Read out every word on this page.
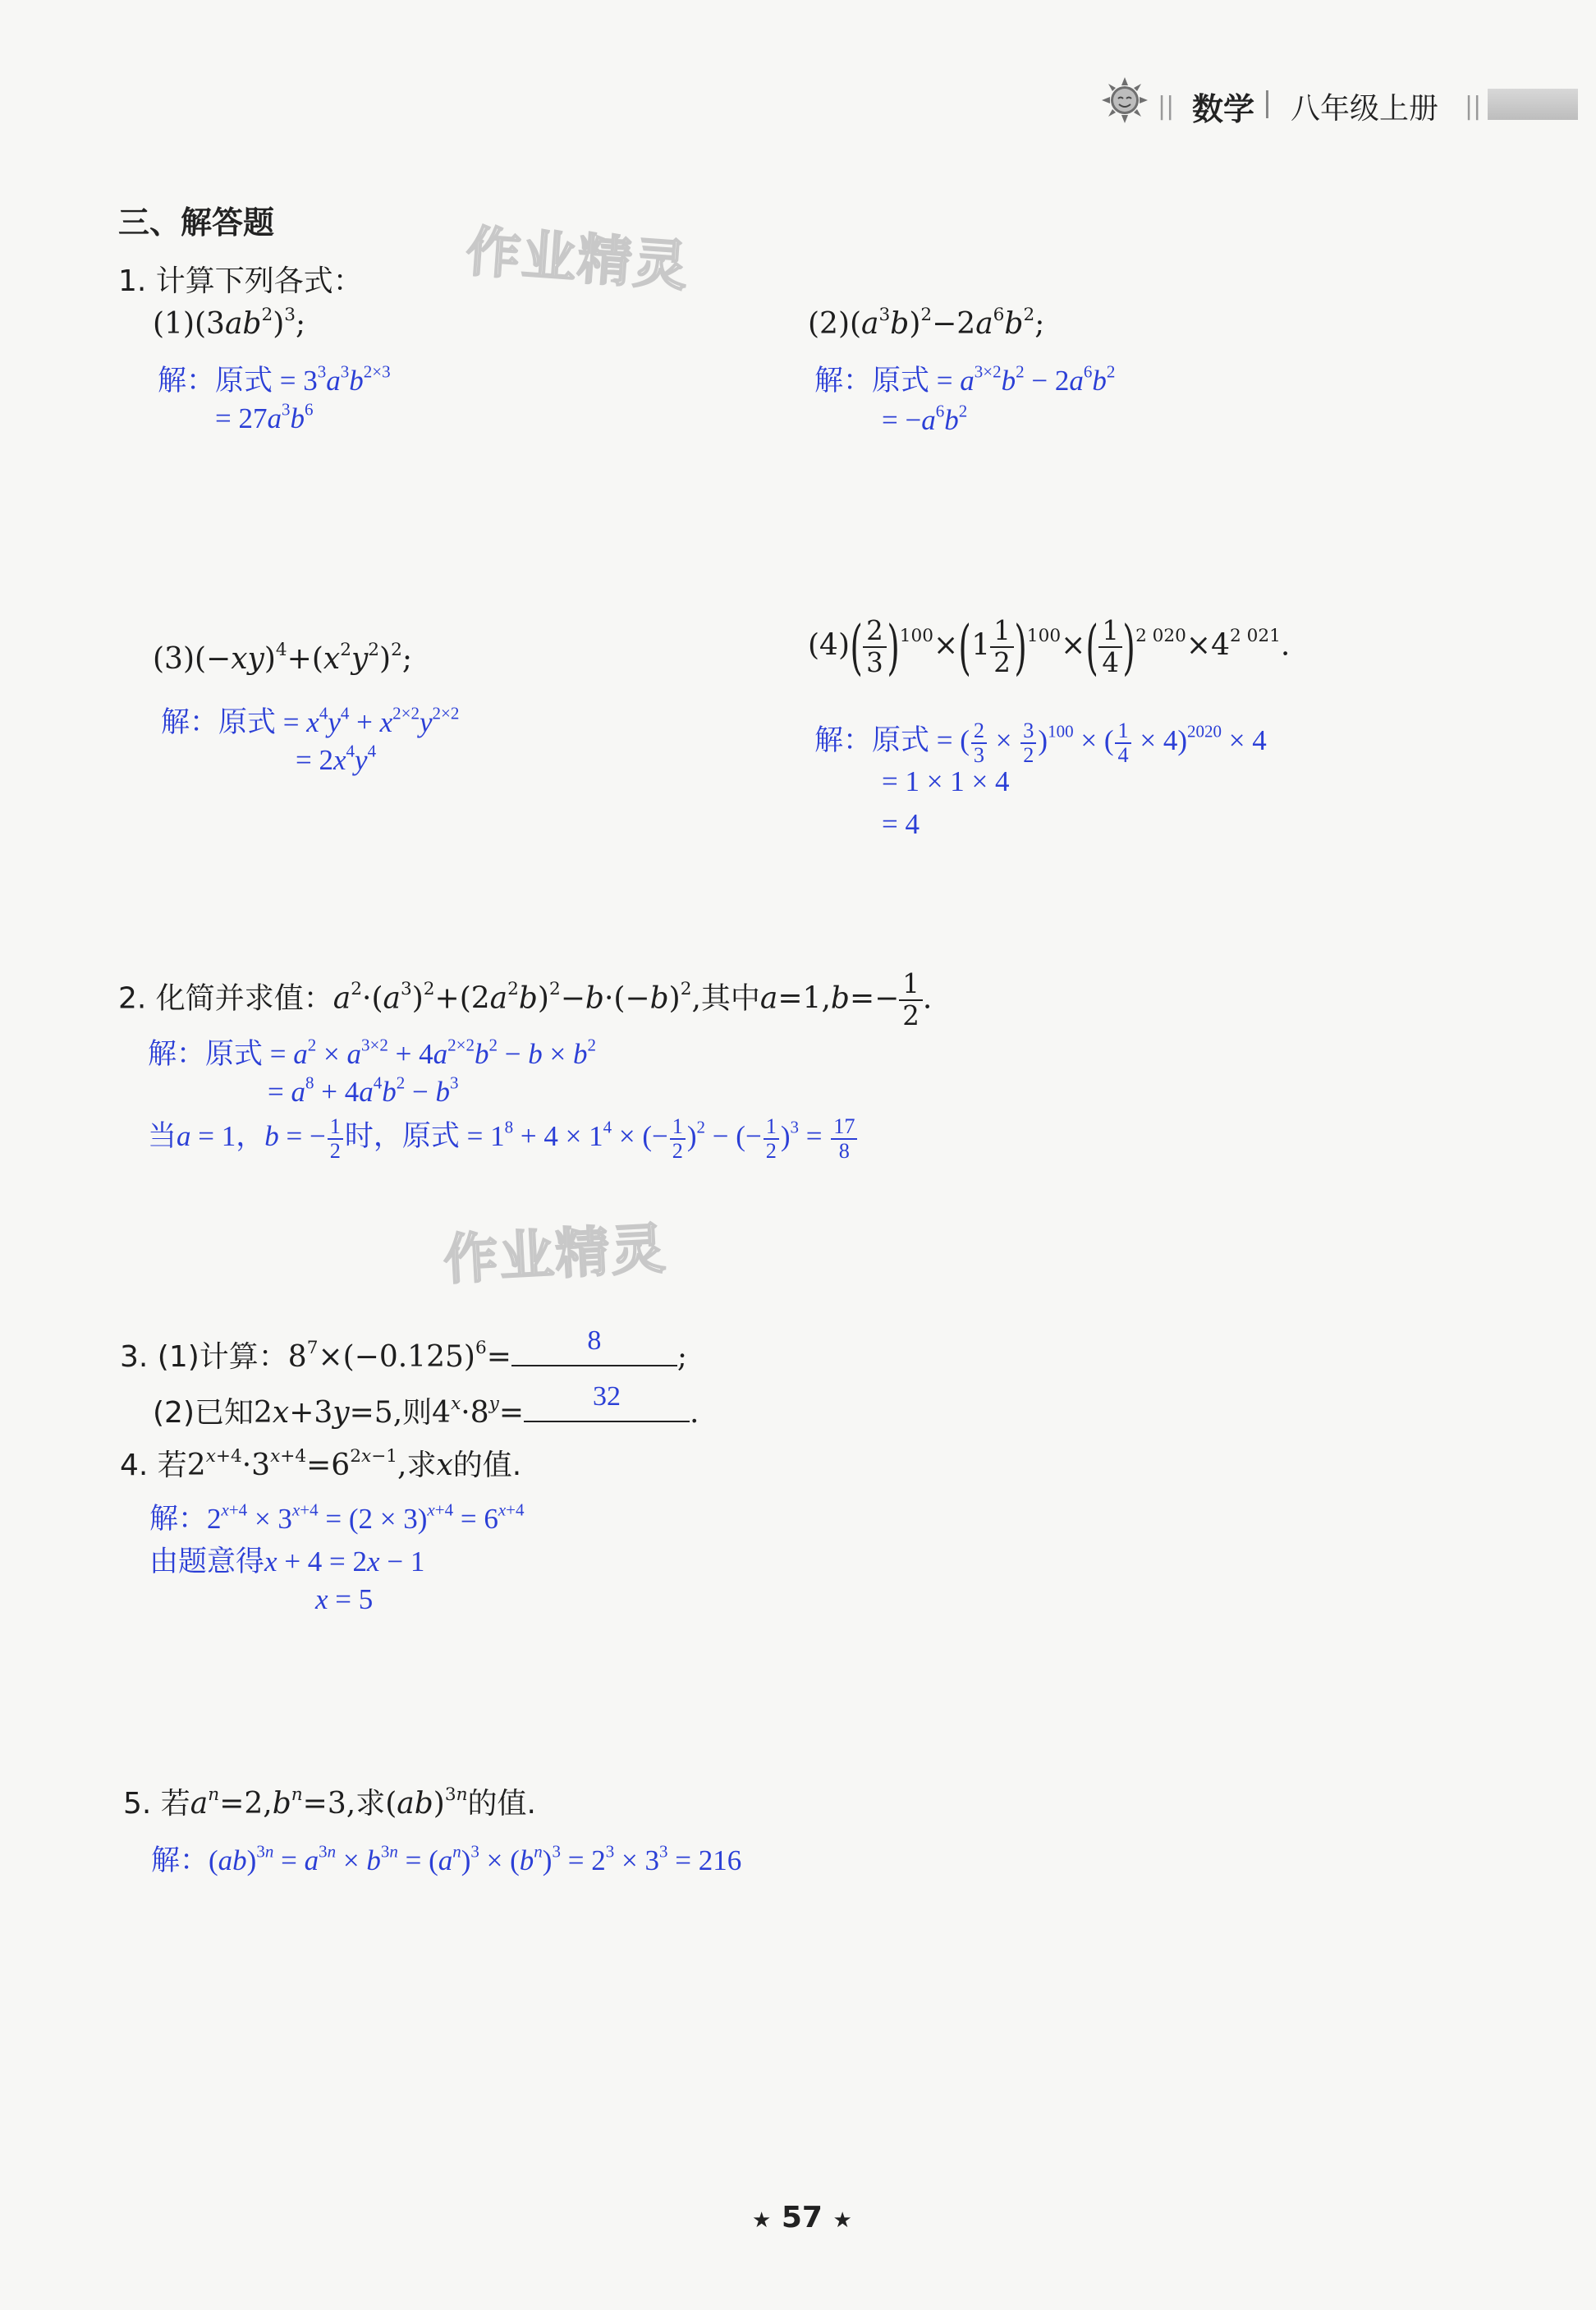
|| 数学 八年级上册 ||
三、解答题	作业精灵
作业精灵
1. 计算下列各式：
$(1)(3ab^2)^3$;
解：原式 = $3^3a^3b^{2\times 3}$
= $27a^3b^6$
$(2)(a^3b)^2-2a^6b^2$;
解：原式 = $a^{3\times 2}b^2 - 2a^6b^2$
= $-a^6b^2$
$(3)(-xy)^4+(x^2y^2)^2$;
解：原式 = $x^4y^4 + x^{2\times 2}y^{2\times 2}$
= $2x^4y^4$
$(4)( \frac{2}{3} )^{100}\times(1 \frac{1}{2} )^{100}\times( \frac{1}{4} )^{2 020}\times 4^{2 021}$.
解：原式 = ( $\frac{2}{3} \times \frac{3}{2} )^{100}$ × ( $\frac{1}{4} \times 4)^{2020} \times 4$
= 1 × 1 × 4
= 4
2. 化简并求值：$a^2\cdot(a^3)^2+(2a^2b)^2-b\cdot(-b)^2$,其中$a=1,b=- \frac{1}{2}$ .
解：原式 = $a^2 \times a^{3\times 2} + 4a^{2\times 2}b^2 - b \times b^2$
= $a^8 + 4a^4b^2 - b^3$
当a = 1，b = − $\frac{1}{2}$ 时，原式 = $1^8 + 4 \times 1^4$ × (− $\frac{1}{2} )^2$ − (− $\frac{1}{2} )^3 = \frac{17}{8}$
3. (1)计算：$8^7\times(-0.125)^6=$	8	;
(2)已知2x+3y=5,则$4^x\cdot 8^y=$	32	.
4. 若$2^{x+4}\cdot 3^{x+4}=6^{2x-1}$,求x的值.
解：$2^{x+4} \times 3^{x+4} = (2 \times 3)^{x+4} = 6^{x+4}$
由题意得x + 4 = 2x − 1
x = 5
5. 若$a^n=2,b^n=3$,求(ab)$^{3n}$的值.
解：$(ab)^{3n} = a^{3n} \times b^{3n} = (a^n)^3 \times (b^n)^3 = 2^3 \times 3^3 = 216$
★ 57 ★
